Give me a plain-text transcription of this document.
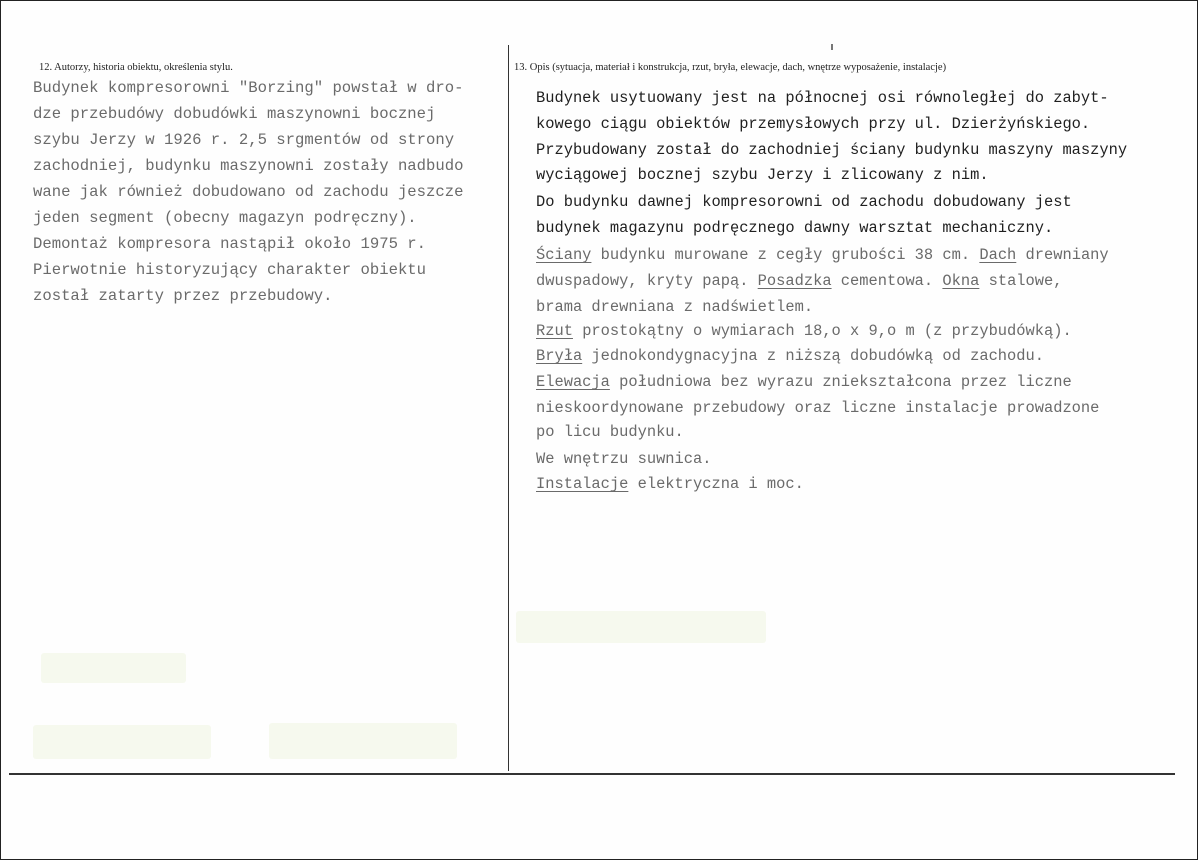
12. Autorzy, historia obiektu, określenia stylu.
Budynek kompresorowni "Borzing" powstał w dro-
dze przebudówy dobudówki maszynowni bocznej
szybu Jerzy w 1926 r. 2,5 srgmentów od strony
zachodniej, budynku maszynowni zostały nadbudo
wane jak również dobudowano od zachodu jeszcze
jeden segment (obecny magazyn podręczny).
Demontaż kompresora nastąpił około 1975 r.
Pierwotnie historyzujący charakter obiektu
został zatarty przez przebudowy.
13. Opis (sytuacja, materiał i konstrukcja, rzut, bryła, elewacje, dach, wnętrze wyposażenie, instalacje)
Budynek usytuowany jest na północnej osi równoległej do zabyt-
kowego ciągu obiektów przemysłowych przy ul. Dzierżyńskiego.
Przybudowany został do zachodniej ściany budynku maszyny maszyny
wyciągowej bocznej szybu Jerzy i zlicowany z nim.
Do budynku dawnej kompresorowni od zachodu dobudowany jest
budynek magazynu podręcznego dawny warsztat mechaniczny.
Ściany budynku murowane z cegły grubości 38 cm. Dach drewniany
dwuspadowy, kryty papą. Posadzka cementowa. Okna stalowe,
brama drewniana z nadświetlem.
Rzut prostokątny o wymiarach 18,o x 9,o m (z przybudówką).
Bryła jednokondygnacyjna z niższą dobudówką od zachodu.
Elewacja południowa bez wyrazu zniekształcona przez liczne
nieskoordynowane przebudowy oraz liczne instalacje prowadzone
po licu budynku.
We wnętrzu suwnica.
Instalacje elektryczna i moc.
